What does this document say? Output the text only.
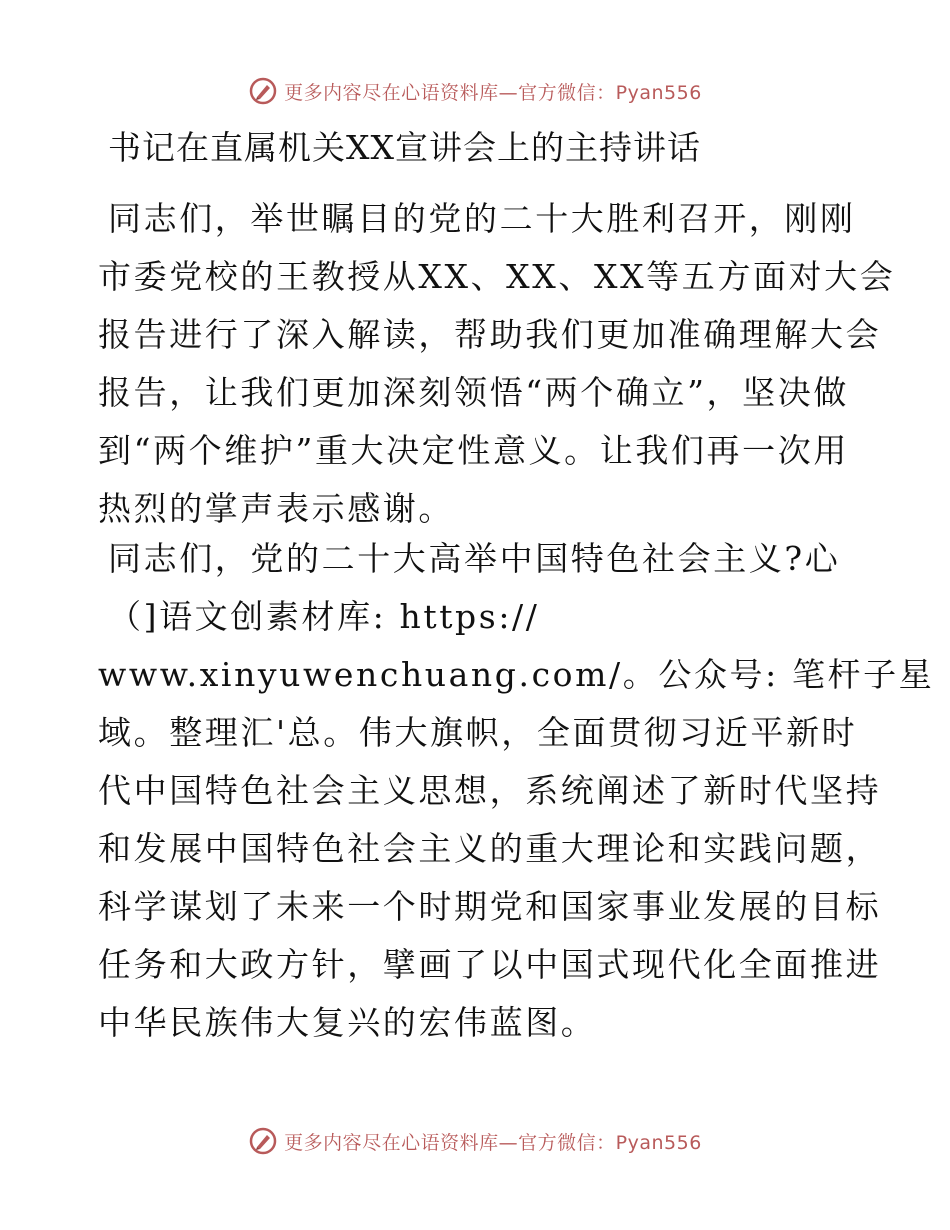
更多内容尽在心语资料库—官方微信：Pyan556
书记在直属机关XX宣讲会上的主持讲话
同志们，举世瞩目的党的二十大胜利召开，刚刚
市委党校的王教授从XX、XX、XX等五方面对大会
报告进行了深入解读，帮助我们更加准确理解大会
报告，让我们更加深刻领悟“两个确立”，坚决做
到“两个维护”重大决定性意义。让我们再一次用
热烈的掌声表示感谢。
同志们，党的二十大高举中国特色社会主义?心
（]语文创素材库: https://
www.xinyuwenchuang.com/。公众号: 笔杆子星
域。整理汇'总。伟大旗帜，全面贯彻习近平新时
代中国特色社会主义思想，系统阐述了新时代坚持
和发展中国特色社会主义的重大理论和实践问题，
科学谋划了未来一个时期党和国家事业发展的目标
任务和大政方针，擘画了以中国式现代化全面推进
中华民族伟大复兴的宏伟蓝图。
更多内容尽在心语资料库—官方微信：Pyan556
